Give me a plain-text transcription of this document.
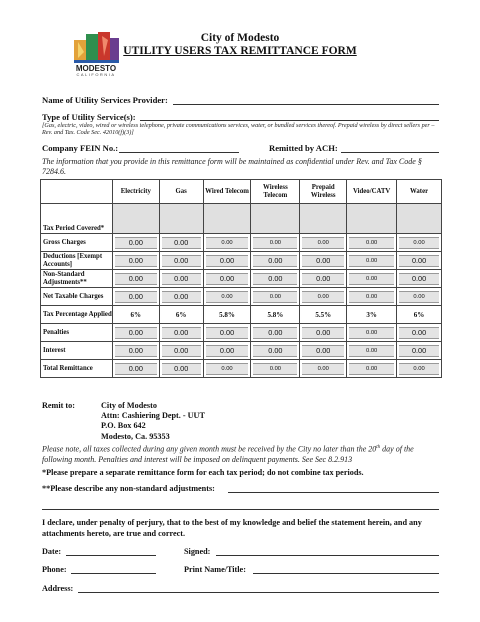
MODESTO
CALIFORNIA
City of Modesto
UTILITY USERS TAX REMITTANCE FORM
Name of Utility Services Provider:
Type of Utility Service(s):
[Gas, electric, video, wired or wireless telephone, private communications services, water, or bundled services thereof. Prepaid wireless by direct sellers per – Rev. and Tax. Code Sec. 42010(f)(3)]
Company FEIN No.:	Remitted by ACH:
The information that you provide in this remittance form will be maintained as confidential under Rev. and Tax Code § 7284.6.
	Electricity	Gas	Wired Telecom	Wireless Telecom	Prepaid Wireless	Video/CATV	Water
Tax Period Covered*							
Gross Charges	0.00	0.00	0.00	0.00	0.00	0.00	0.00

Deductions [Exempt Accounts]	0.00	0.00	0.00	0.00	0.00	0.00	0.00

Non-Standard Adjustments**	0.00	0.00	0.00	0.00	0.00	0.00	0.00

Net Taxable Charges	0.00	0.00	0.00	0.00	0.00	0.00	0.00

Tax Percentage Applied	6%	6%	5.8%	5.8%	5.5%	3%	6%
Penalties	0.00	0.00	0.00	0.00	0.00	0.00	0.00

Interest	0.00	0.00	0.00	0.00	0.00	0.00	0.00

Total Remittance	0.00	0.00	0.00	0.00	0.00	0.00	0.00
Remit to:	City of Modesto
Attn: Cashiering Dept. - UUT
P.O. Box 642
Modesto, Ca. 95353
Please note, all taxes collected during any given month must be received by the City no later than the 20th day of the following month. Penalties and interest will be imposed on delinquent payments. See Sec 8.2.913
*Please prepare a separate remittance form for each tax period; do not combine tax periods.
**Please describe any non-standard adjustments:
I declare, under penalty of perjury, that to the best of my knowledge and belief the statement herein, and any attachments hereto, are true and correct.
Date:	Signed:
Phone:	Print Name/Title:
Address:
